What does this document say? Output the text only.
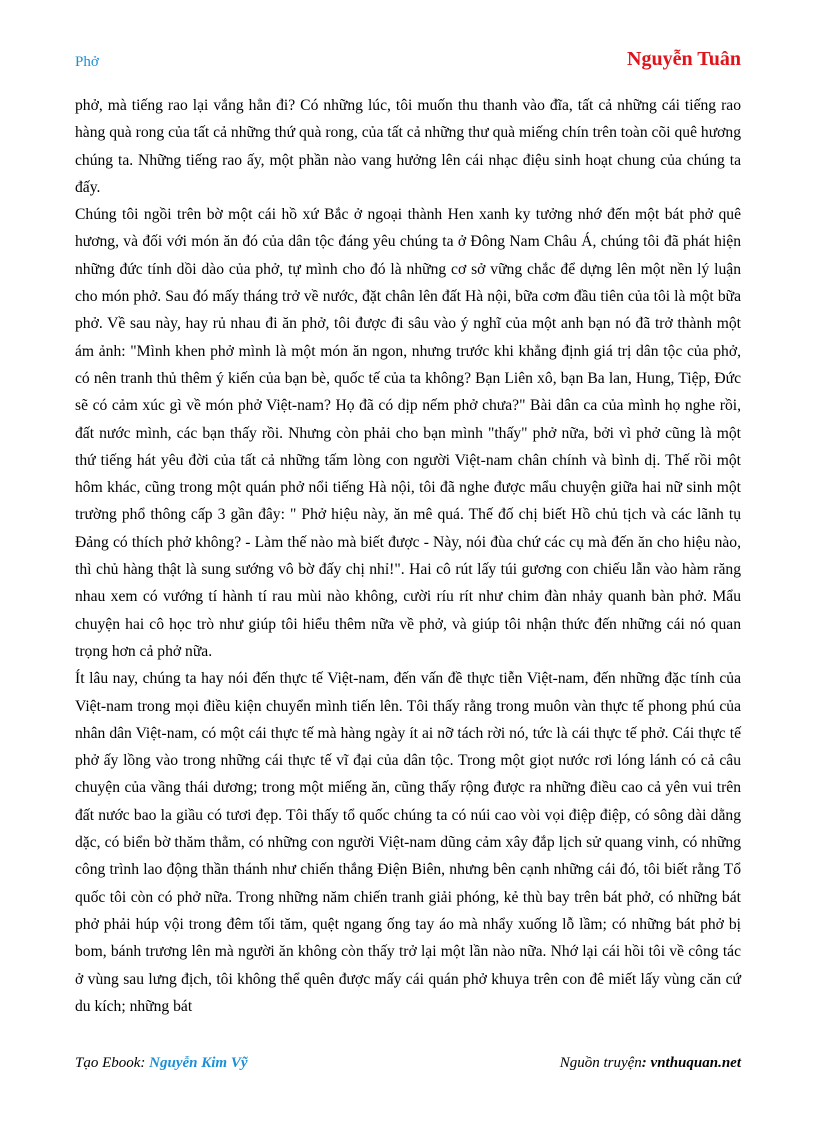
Phở	Nguyễn Tuân

phở, mà tiếng rao lại vắng hẳn đi? Có những lúc, tôi muốn thu thanh vào đĩa, tất cả những cái tiếng rao hàng quà rong của tất cả những thứ quà rong, của tất cả những thư quà miếng chín trên toàn cõi quê hương chúng ta. Những tiếng rao ấy, một phần nào vang hưởng lên cái nhạc điệu sinh hoạt chung của chúng ta đấy.

Chúng tôi ngồi trên bờ một cái hồ xứ Bắc ở ngoại thành Hen xanh ky tưởng nhớ đến một bát phở quê hương, và đối với món ăn đó của dân tộc đáng yêu chúng ta ở Đông Nam Châu Á, chúng tôi đã phát hiện những đức tính dồi dào của phở, tự mình cho đó là những cơ sở vững chắc để dựng lên một nền lý luận cho món phở. Sau đó mấy tháng trở về nước, đặt chân lên đất Hà nội, bữa cơm đầu tiên của tôi là một bữa phở. Về sau này, hay rủ nhau đi ăn phở, tôi được đi sâu vào ý nghĩ của một anh bạn nó đã trở thành một ám ảnh: "Mình khen phở mình là một món ăn ngon, nhưng trước khi khẳng định giá trị dân tộc của phở, có nên tranh thủ thêm ý kiến của bạn bè, quốc tế của ta không? Bạn Liên xô, bạn Ba lan, Hung, Tiệp, Đức sẽ có cảm xúc gì về món phở Việt-nam? Họ đã có dịp nếm phở chưa?" Bài dân ca của mình họ nghe rồi, đất nước mình, các bạn thấy rồi. Nhưng còn phải cho bạn mình "thấy" phở nữa, bởi vì phở cũng là một thứ tiếng hát yêu đời của tất cả những tấm lòng con người Việt-nam chân chính và bình dị. Thế rồi một hôm khác, cũng trong một quán phở nổi tiếng Hà nội, tôi đã nghe được mẩu chuyện giữa hai nữ sinh một trường phổ thông cấp 3 gần đây: " Phở hiệu này, ăn mê quá. Thế đố chị biết Hồ chủ tịch và các lãnh tụ Đảng có thích phở không? - Làm thế nào mà biết được - Này, nói đùa chứ các cụ mà đến ăn cho hiệu nào, thì chủ hàng thật là sung sướng vô bờ đấy chị nhỉ!". Hai cô rút lấy túi gương con chiếu lẫn vào hàm răng nhau xem có vướng tí hành tí rau mùi nào không, cười ríu rít như chim đàn nhảy quanh bàn phở. Mẩu chuyện hai cô học trò như giúp tôi hiểu thêm nữa về phở, và giúp tôi nhận thức đến những cái nó quan trọng hơn cả phở nữa.

Ít lâu nay, chúng ta hay nói đến thực tế Việt-nam, đến vấn đề thực tiễn Việt-nam, đến những đặc tính của Việt-nam trong mọi điều kiện chuyển mình tiến lên. Tôi thấy rằng trong muôn vàn thực tế phong phú của nhân dân Việt-nam, có một cái thực tế mà hàng ngày ít ai nỡ tách rời nó, tức là cái thực tế phở. Cái thực tế phở ấy lồng vào trong những cái thực tế vĩ đại của dân tộc. Trong một giọt nước rơi lóng lánh có cả câu chuyện của vầng thái dương; trong một miếng ăn, cũng thấy rộng được ra những điều cao cả yên vui trên đất nước bao la giầu có tươi đẹp. Tôi thấy tổ quốc chúng ta có núi cao vòi vọi điệp điệp, có sông dài dằng dặc, có biển bờ thăm thẳm, có những con người Việt-nam dũng cảm xây đắp lịch sử quang vinh, có những công trình lao động thần thánh như chiến thắng Điện Biên, nhưng bên cạnh những cái đó, tôi biết rằng Tổ quốc tôi còn có phở nữa. Trong những năm chiến tranh giải phóng, kẻ thù bay trên bát phở, có những bát phở phải húp vội trong đêm tối tăm, quệt ngang ống tay áo mà nhẩy xuống lỗ lầm; có những bát phở bị bom, bánh trương lên mà người ăn không còn thấy trở lại một lần nào nữa. Nhớ lại cái hồi tôi về công tác ở vùng sau lưng địch, tôi không thể quên được mấy cái quán phở khuya trên con đê miết lấy vùng căn cứ du kích; những bát

Tạo Ebook: Nguyễn Kim Vỹ	Nguồn truyện: vnthuquan.net
